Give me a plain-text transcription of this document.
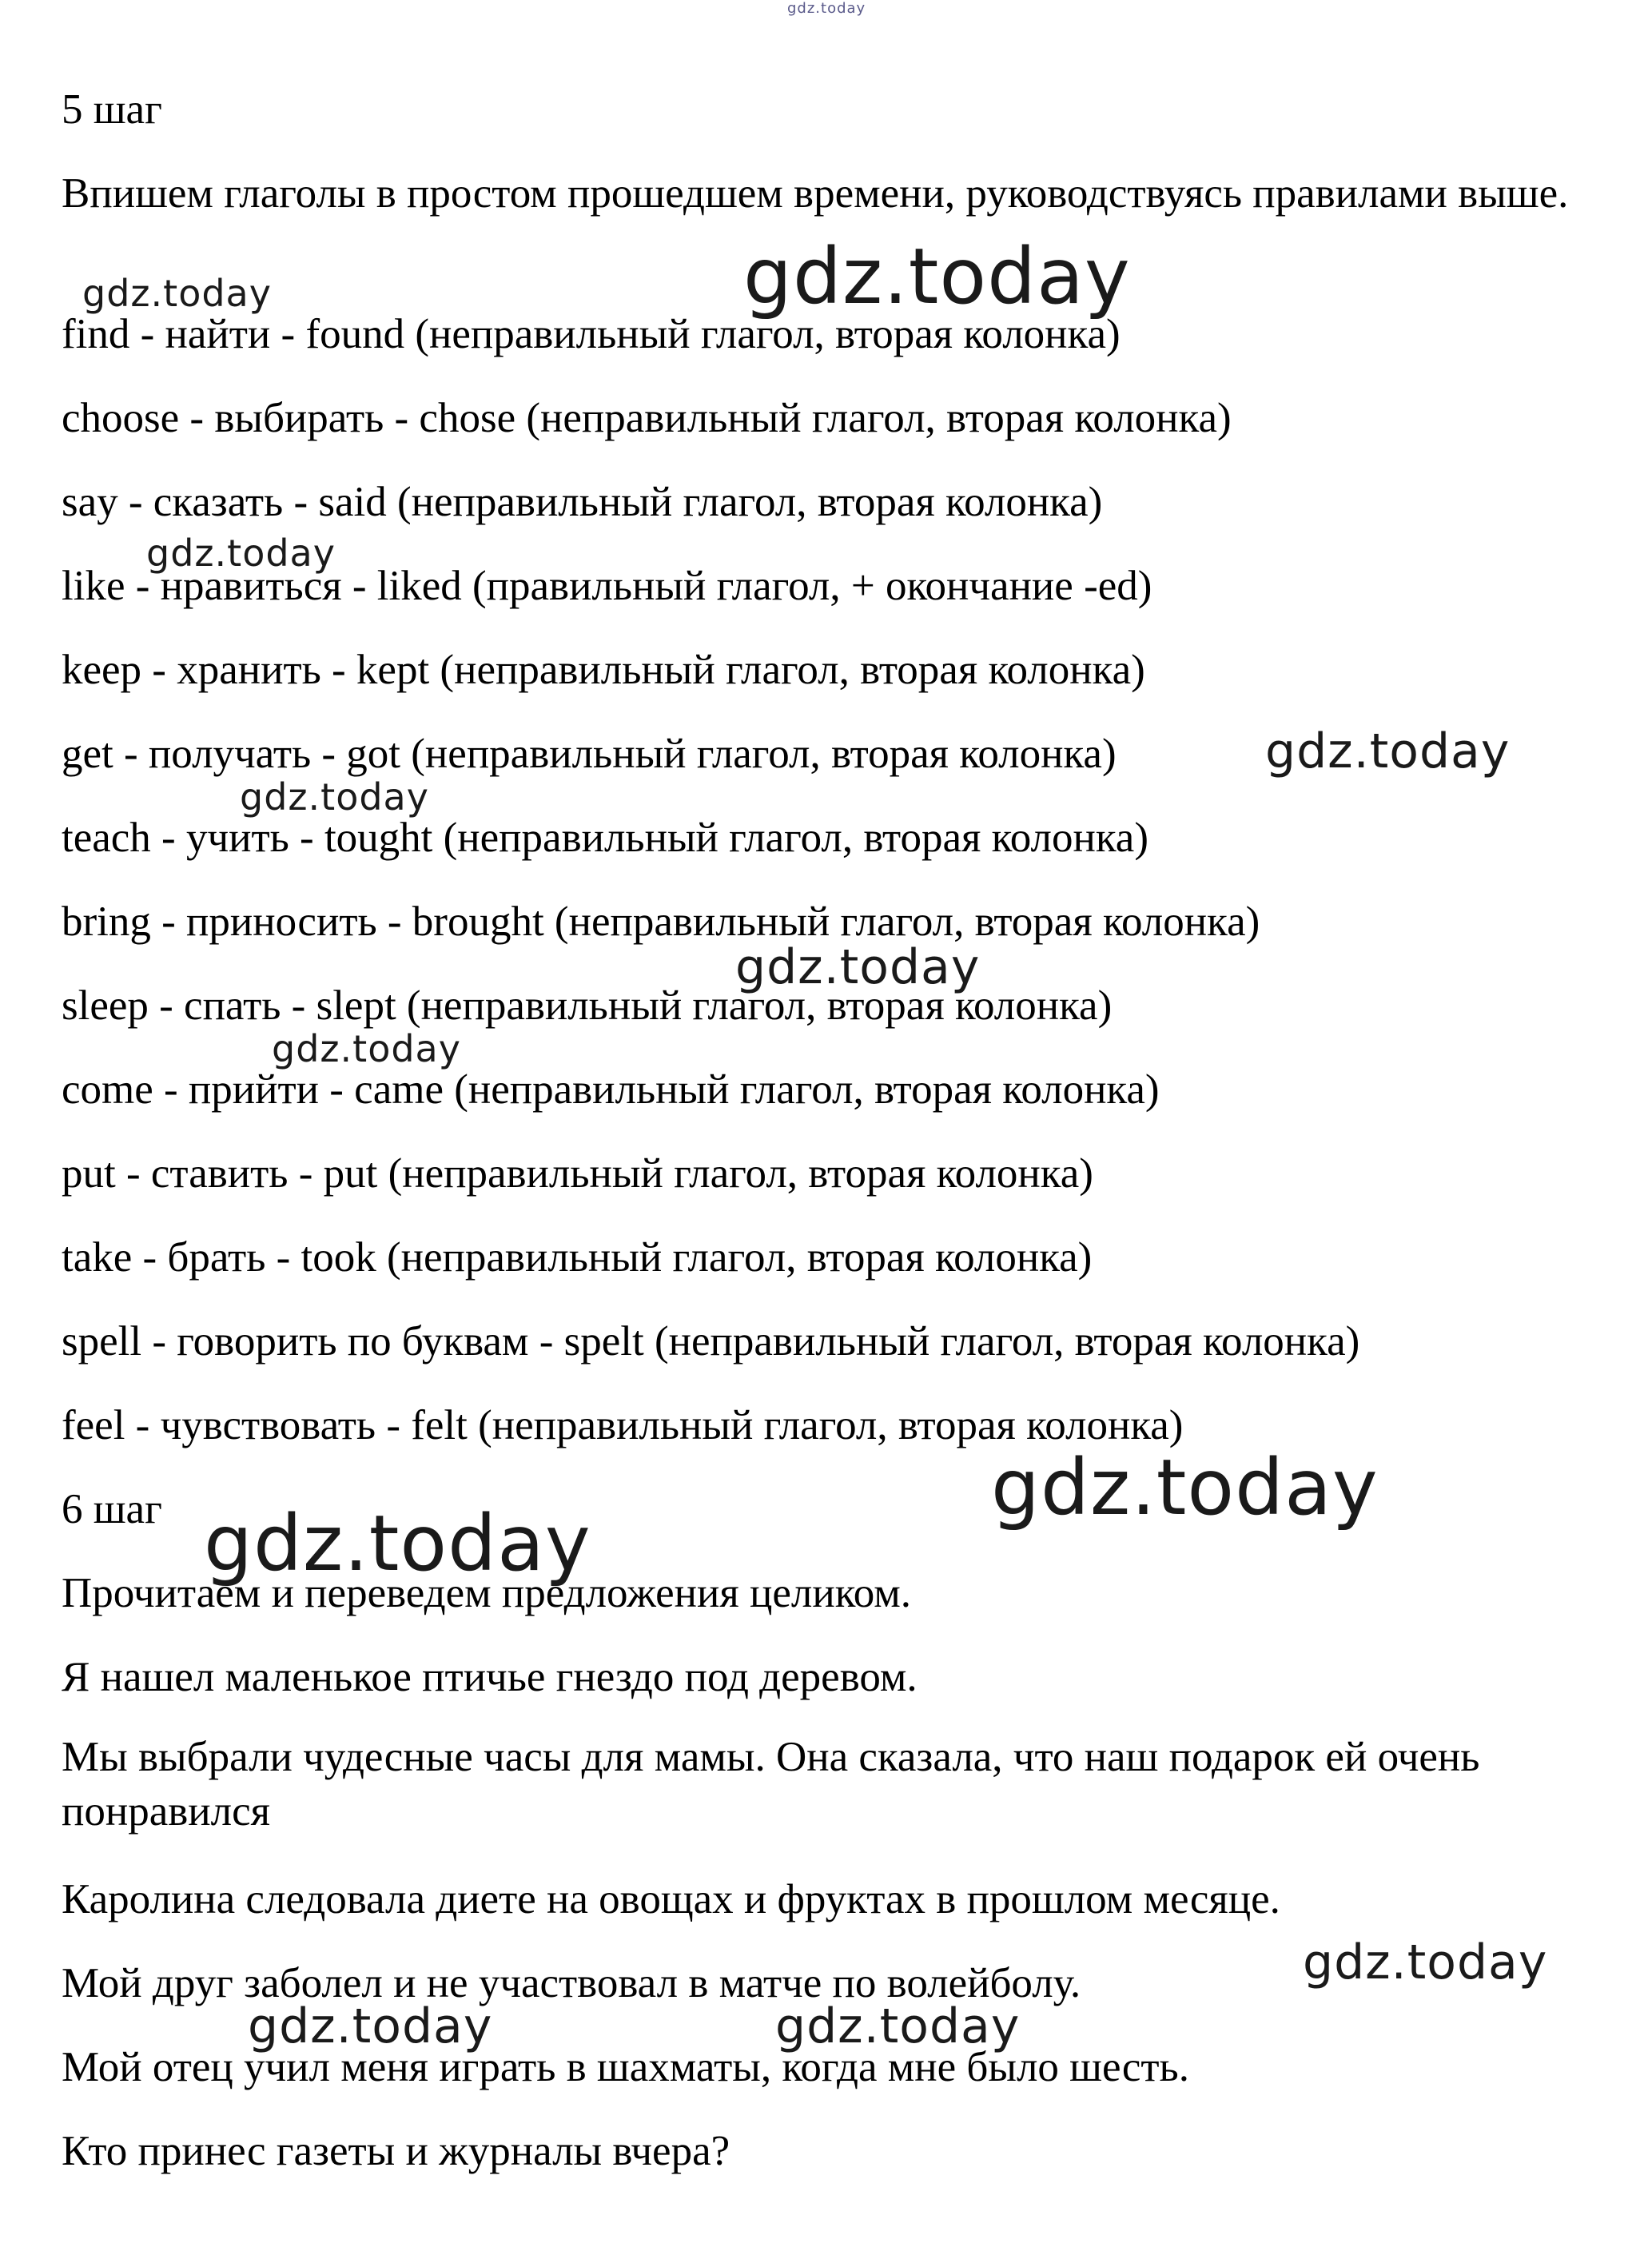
5 шаг
Впишем глаголы в простом прошедшем времени, руководствуясь правилами выше.
find - найти - found (неправильный глагол, вторая колонка)
choose - выбирать - chose (неправильный глагол, вторая колонка)
say - сказать - said (неправильный глагол, вторая колонка)
like - нравиться - liked (правильный глагол, + окончание -ed)
keep - хранить - kept (неправильный глагол, вторая колонка)
get - получать - got (неправильный глагол, вторая колонка)
teach - учить - tought (неправильный глагол, вторая колонка)
bring - приносить - brought (неправильный глагол, вторая колонка)
sleep - спать - slept (неправильный глагол, вторая колонка)
come - прийти - came (неправильный глагол, вторая колонка)
put - ставить - put (неправильный глагол, вторая колонка)
take - брать - took (неправильный глагол, вторая колонка)
spell - говорить по буквам - spelt (неправильный глагол, вторая колонка)
feel - чувствовать - felt (неправильный глагол, вторая колонка)
6 шаг
Прочитаем и переведем предложения целиком.
Я нашел маленькое птичье гнездо под деревом.
Мы выбрали чудесные часы для мамы. Она сказала, что наш подарок ей очень понравился
Каролина следовала диете на овощах и фруктах в прошлом месяце.
Мой друг заболел и не участвовал в матче по волейболу.
Мой отец учил меня играть в шахматы, когда мне было шесть.
Кто принес газеты и журналы вчера?
gdz.today
gdz.today
gdz.today
gdz.today
gdz.today
gdz.today
gdz.today
gdz.today
gdz.today
gdz.today
gdz.today
gdz.today	gdz.today
